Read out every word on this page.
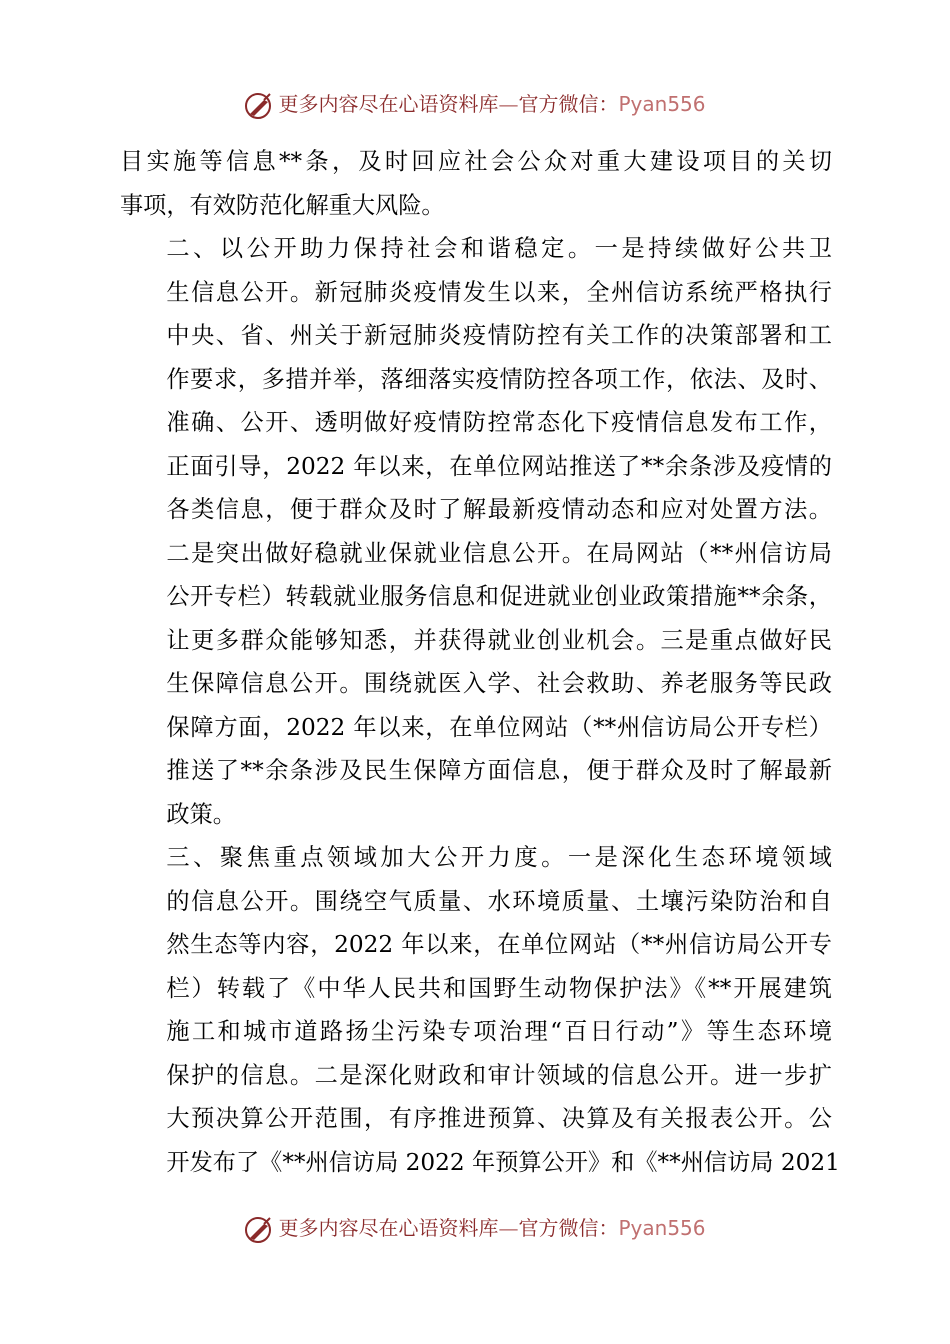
更多内容尽在心语资料库—官方微信：Pyan556

目实施等信息**条，及时回应社会公众对重大建设项目的关切
事项，有效防范化解重大风险。

二、以公开助力保持社会和谐稳定。一是持续做好公共卫
生信息公开。新冠肺炎疫情发生以来，全州信访系统严格执行
中央、省、州关于新冠肺炎疫情防控有关工作的决策部署和工
作要求，多措并举，落细落实疫情防控各项工作，依法、及时、
准确、公开、透明做好疫情防控常态化下疫情信息发布工作，
正面引导，2022 年以来，在单位网站推送了**余条涉及疫情的
各类信息，便于群众及时了解最新疫情动态和应对处置方法。
二是突出做好稳就业保就业信息公开。在局网站（**州信访局
公开专栏）转载就业服务信息和促进就业创业政策措施**余条，
让更多群众能够知悉，并获得就业创业机会。三是重点做好民
生保障信息公开。围绕就医入学、社会救助、养老服务等民政
保障方面，2022 年以来，在单位网站（**州信访局公开专栏）
推送了**余条涉及民生保障方面信息，便于群众及时了解最新
政策。

三、聚焦重点领域加大公开力度。一是深化生态环境领域
的信息公开。围绕空气质量、水环境质量、土壤污染防治和自
然生态等内容，2022 年以来，在单位网站（**州信访局公开专
栏）转载了《中华人民共和国野生动物保护法》《**开展建筑
施工和城市道路扬尘污染专项治理“百日行动”》等生态环境
保护的信息。二是深化财政和审计领域的信息公开。进一步扩
大预决算公开范围，有序推进预算、决算及有关报表公开。公
开发布了《**州信访局 2022 年预算公开》和《**州信访局 2021

更多内容尽在心语资料库—官方微信：Pyan556
